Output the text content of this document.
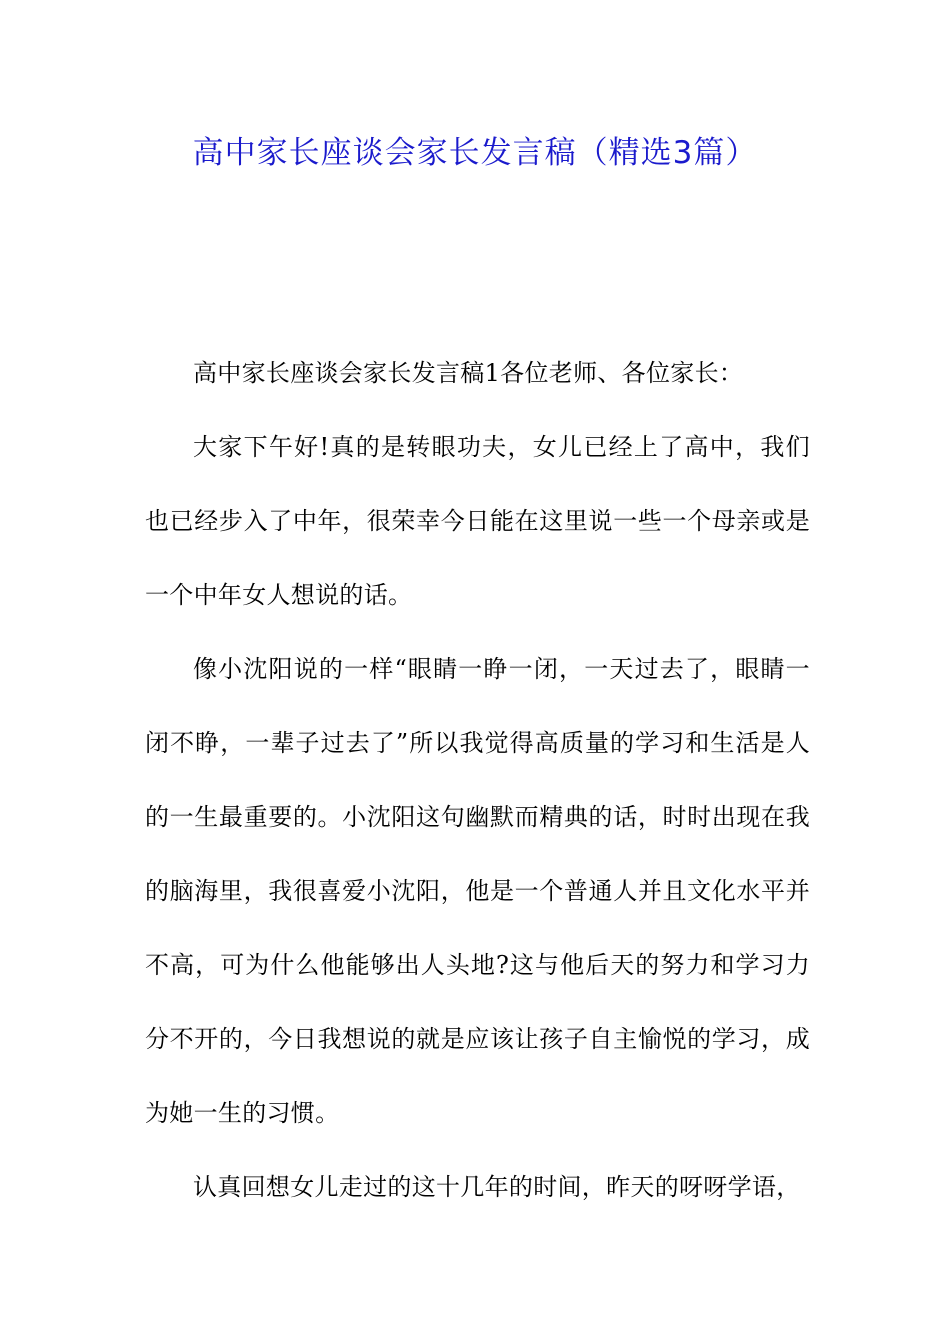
高中家长座谈会家长发言稿（精选3篇）

高中家长座谈会家长发言稿1各位老师、各位家长：

大家下午好!真的是转眼功夫，女儿已经上了高中，我们也已经步入了中年，很荣幸今日能在这里说一些一个母亲或是一个中年女人想说的话。

像小沈阳说的一样“眼睛一睁一闭，一天过去了，眼睛一闭不睁，一辈子过去了”所以我觉得高质量的学习和生活是人的一生最重要的。小沈阳这句幽默而精典的话，时时出现在我的脑海里，我很喜爱小沈阳，他是一个普通人并且文化水平并不高，可为什么他能够出人头地?这与他后天的努力和学习力分不开的，今日我想说的就是应该让孩子自主愉悦的学习，成为她一生的习惯。

认真回想女儿走过的这十几年的时间，昨天的呀呀学语，
